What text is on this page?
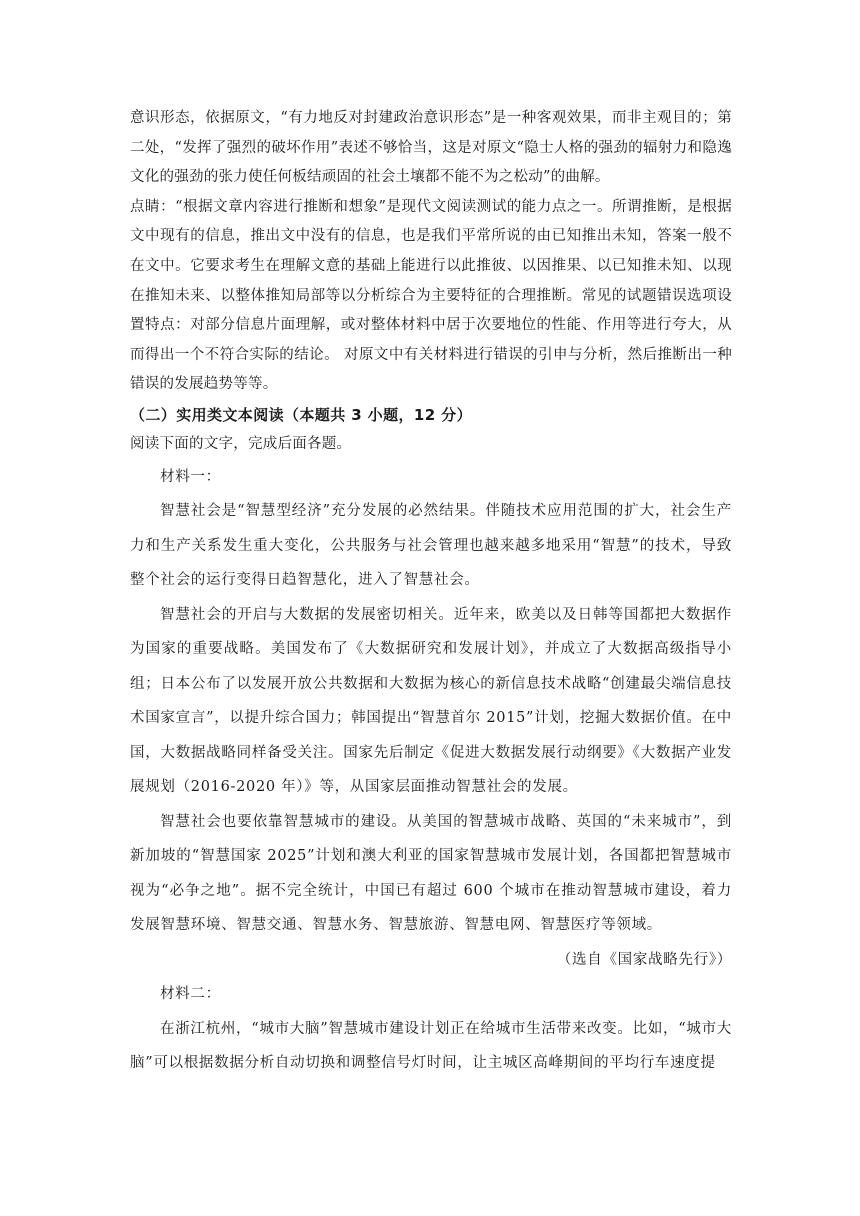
意识形态，依据原文，“有力地反对封建政治意识形态”是一种客观效果，而非主观目的；第二处，“发挥了强烈的破坏作用”表述不够恰当，这是对原文“隐士人格的强劲的辐射力和隐逸文化的强劲的张力使任何板结顽固的社会土壤都不能不为之松动”的曲解。

点睛：“根据文章内容进行推断和想象”是现代文阅读测试的能力点之一。所谓推断，是根据文中现有的信息，推出文中没有的信息，也是我们平常所说的由已知推出未知，答案一般不在文中。它要求考生在理解文意的基础上能进行以此推彼、以因推果、以已知推未知、以现在推知未来、以整体推知局部等以分析综合为主要特征的合理推断。常见的试题错误选项设置特点：对部分信息片面理解，或对整体材料中居于次要地位的性能、作用等进行夸大，从而得出一个不符合实际的结论。 对原文中有关材料进行错误的引申与分析，然后推断出一种错误的发展趋势等等。

（二）实用类文本阅读（本题共 3 小题，12 分）

阅读下面的文字，完成后面各题。

材料一：

智慧社会是“智慧型经济”充分发展的必然结果。伴随技术应用范围的扩大，社会生产力和生产关系发生重大变化，公共服务与社会管理也越来越多地采用“智慧”的技术，导致整个社会的运行变得日趋智慧化，进入了智慧社会。

智慧社会的开启与大数据的发展密切相关。近年来，欧美以及日韩等国都把大数据作为国家的重要战略。美国发布了《大数据研究和发展计划》，并成立了大数据高级指导小组；日本公布了以发展开放公共数据和大数据为核心的新信息技术战略“创建最尖端信息技术国家宣言”，以提升综合国力；韩国提出“智慧首尔 2015”计划，挖掘大数据价值。在中国，大数据战略同样备受关注。国家先后制定《促进大数据发展行动纲要》《大数据产业发展规划（2016-2020 年）》等，从国家层面推动智慧社会的发展。

智慧社会也要依靠智慧城市的建设。从美国的智慧城市战略、英国的“未来城市”，到新加坡的“智慧国家 2025”计划和澳大利亚的国家智慧城市发展计划，各国都把智慧城市视为“必争之地”。据不完全统计，中国已有超过 600 个城市在推动智慧城市建设，着力发展智慧环境、智慧交通、智慧水务、智慧旅游、智慧电网、智慧医疗等领域。

（选自《国家战略先行》）

材料二：

在浙江杭州，“城市大脑”智慧城市建设计划正在给城市生活带来改变。比如，“城市大脑”可以根据数据分析自动切换和调整信号灯时间，让主城区高峰期间的平均行车速度提
